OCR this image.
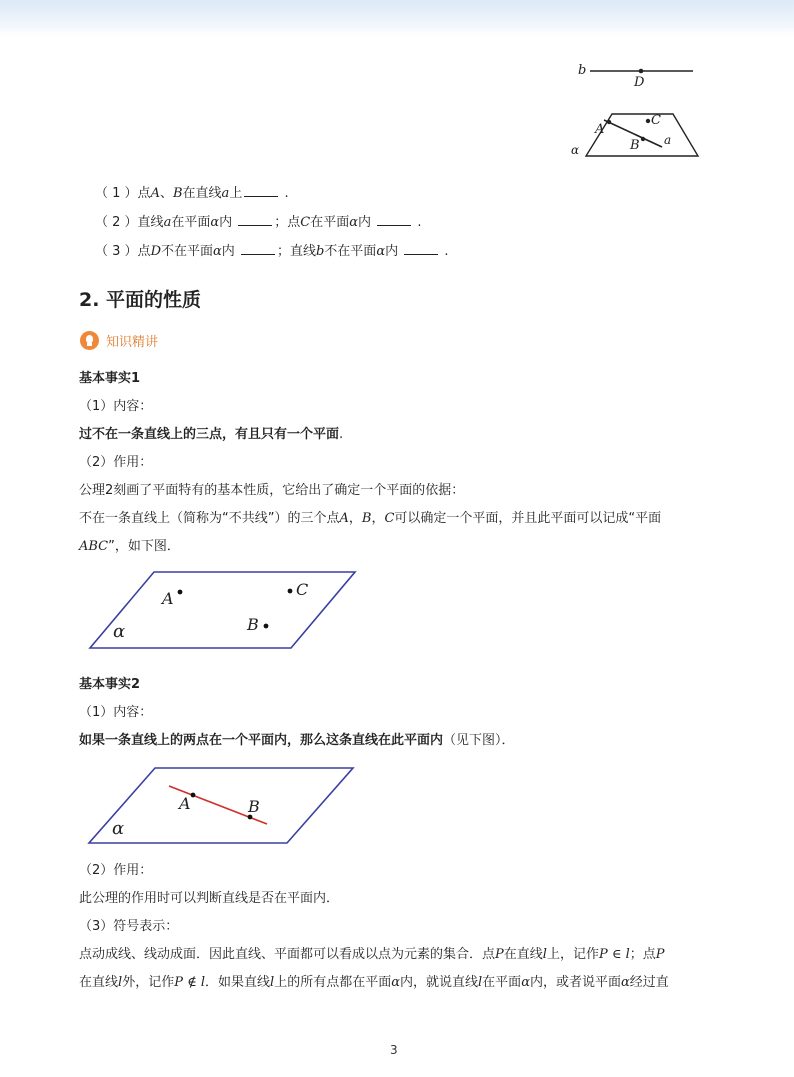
b
D
A
C
B a
α
（ 1 ）点A、B在直线a上	.
（ 2 ）直线a在平面α内	；点C在平面α内	.
（ 3 ）点D不在平面α内	；直线b不在平面α内	.
2. 平面的性质
知识精讲
基本事实1
（1）内容：
过不在一条直线上的三点，有且只有一个平面.
（2）作用：
公理2刻画了平面特有的基本性质，它给出了确定一个平面的依据：
不在一条直线上（简称为“不共线”）的三个点A，B，C可以确定一个平面，并且此平面可以记成“平面
ABC”，如下图．
A	C
B
α
基本事实2
（1）内容：
如果一条直线上的两点在一个平面内，那么这条直线在此平面内（见下图）．
A	B
α
（2）作用：
此公理的作用时可以判断直线是否在平面内．
（3）符号表示：
点动成线、线动成面．因此直线、平面都可以看成以点为元素的集合．点P在直线l上，记作P ∈ l；点P
在直线l外，记作P ∉ l．如果直线l上的所有点都在平面α内，就说直线l在平面α内，或者说平面α经过直
3
